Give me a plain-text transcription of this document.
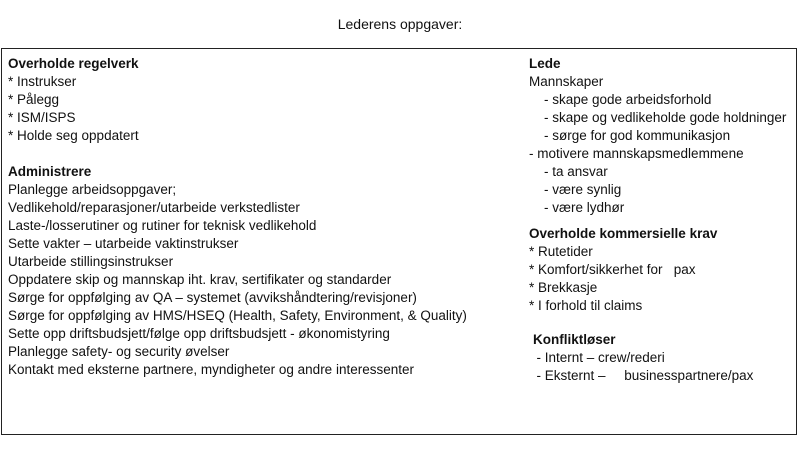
Lederens oppgaver:
Overholde regelverk
* Instrukser
* Pålegg
* ISM/ISPS
* Holde seg oppdatert
Administrere
Planlegge arbeidsoppgaver;
Vedlikehold/reparasjoner/utarbeide verkstedlister
Laste-/losserutiner og rutiner for teknisk vedlikehold
Sette vakter – utarbeide vaktinstrukser
Utarbeide stillingsinstrukser
Oppdatere skip og mannskap iht. krav, sertifikater og standarder
Sørge for oppfølging av QA – systemet (avvikshåndtering/revisjoner)
Sørge for oppfølging av HMS/HSEQ (Health, Safety, Environment, & Quality)
Sette opp driftsbudsjett/følge opp driftsbudsjett - økonomistyring
Planlegge safety- og security øvelser
Kontakt med eksterne partnere, myndigheter og andre interessenter
Lede
Mannskaper
- skape gode arbeidsforhold
- skape og vedlikeholde gode holdninger
- sørge for god kommunikasjon
- motivere mannskapsmedlemmene
- ta ansvar
- være synlig
- være lydhør
Overholde kommersielle krav
* Rutetider
* Komfort/sikkerhet for   pax
* Brekkasje
* I forhold til claims
Konfliktløser
- Internt – crew/rederi
- Eksternt –     businesspartnere/pax
